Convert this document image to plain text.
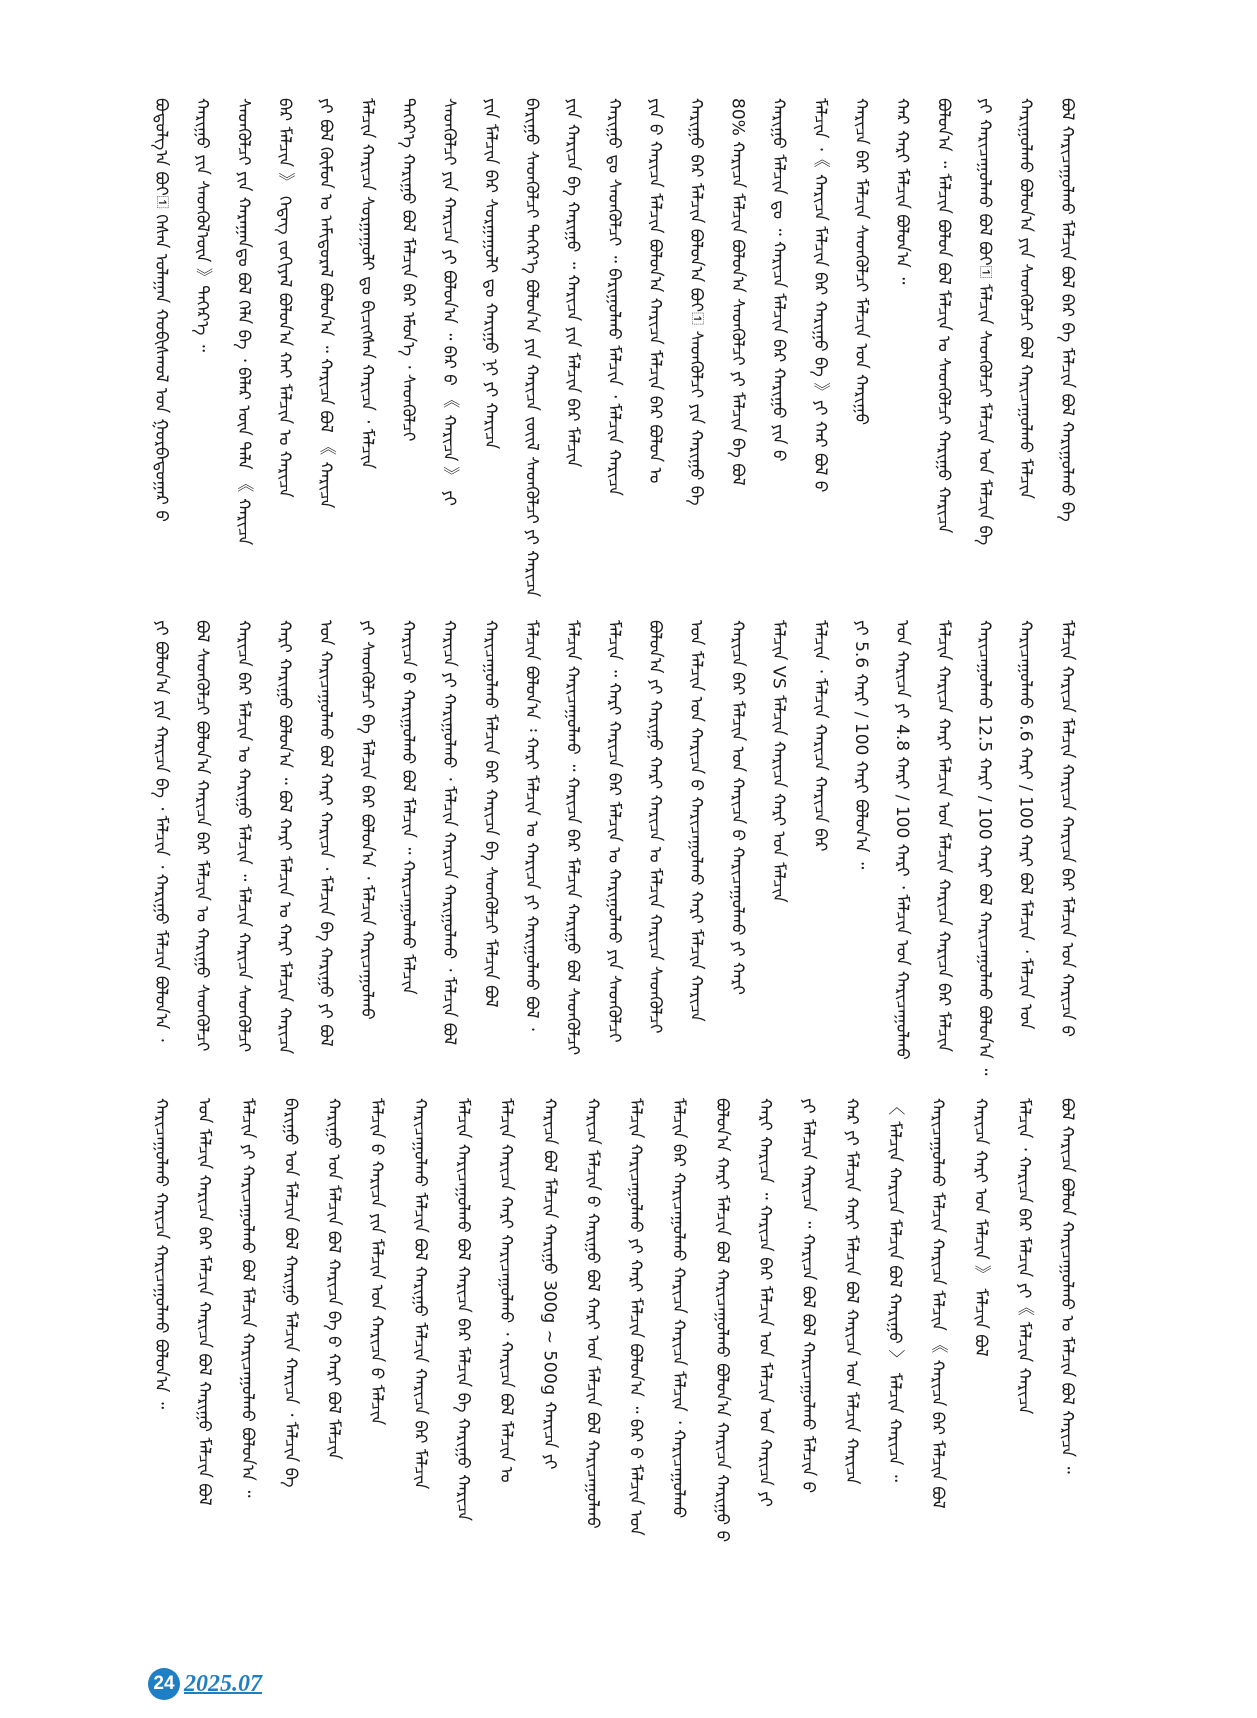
ᠪᠣᠳᠣᠯᠭ᠎ᠠ ᠪᠤᠶ᠋ ᠭᠡᠰᠡᠨ ᠤᠯᠠᠭᠠᠨ ᠬᠤᠪᠢᠰᠬᠤᠯ ᠤᠨ ᠭᠤᠷᠪᠠᠳᠤᠭᠠᠷ ᠪ ᠬᠠᠷᠢᠭᠤ ᠶᠢᠨ ᠰᠡᠳᠬᠦᠯ᠎ᠦᠨ 》ᠳᠡᠬᠡᠷ᠎ᠡ ᠃ ᠰᠡᠳᠬᠦᠯᠴᠢ ᠶᠢᠨ ᠬᠠᠷᠠᠭᠠᠨ᠎ᠳᠤ ᠪᠣᠯ ᠬᠡᠯᠡ ᠪᠠ ᠂ ᠪᠠᠯᠠᠷ ᠦᠨ ᠳᠡᠯᠡ 《 ᠬᠠᠷᠢᠴᠠ ᠪᠠᠷ ᠮᠠᠯᠴᠢᠨ 》 ᠭᠡᠳᠡᠭ ᠵᠣᠬᠢᠶᠠᠯ ᠪᠣᠯᠣᠨ᠎ᠠ ᠬᠠᠢ ᠮᠠᠯᠴᠢᠨ ᠤ ᠬᠠᠷᠢᠴᠠ ᠶᠢ ᠪᠣᠯ ᠬᠦᠮᠦᠨ ᠤ ᠠᠮᠢᠳᠤᠷᠠᠯ ᠪᠣᠯᠤᠨ᠎ᠠ ᠃ ᠬᠠᠷᠢᠴᠠ ᠪᠣᠯ 《 ᠬᠠᠷᠢᠴᠠ ᠮᠠᠯᠴᠢᠨ ᠬᠠᠷᠢᠴᠠ ᠰᠤᠷᠭᠠᠭᠤᠯᠢ ᠳᠤ ᠪᠢᠴᠢᠭᠰᠡᠨ ᠬᠠᠷᠢᠴᠠ ᠂ ᠮᠠᠯᠴᠢᠨ ᠳᠡᠭᠡᠷ᠎ᠡ ᠬᠠᠷᠢᠭᠤ ᠪᠣᠯ ᠮᠠᠯᠴᠢᠨ ᠪᠠᠷ ᠡᠮᠦᠨ᠎ᠡ ᠂ ᠰᠡᠳᠬᠦᠯᠴᠢ ᠰᠡᠳᠬᠦᠯᠴᠢ ᠶᠢᠨ ᠬᠠᠷᠢᠴᠠ ᠶᠢ ᠪᠣᠯᠤᠨ᠎ᠠ ᠃ ᠪᠠᠷ ᠪ 《 ᠬᠠᠷᠢᠴᠠ 》 ᠶᠢ ᠶᠢᠨ ᠮᠠᠯᠴᠢᠨ ᠪᠠᠷ ᠰᠤᠷᠭᠠᠭᠤᠯᠢ ᠳᠤ ᠬᠠᠷᠢᠭᠤ ᠨᠢ ᠶᠢ ᠬᠠᠷᠢᠴᠠ ᠪᠠᠷᠢᠭᠤ ᠰᠡᠳᠬᠦᠯᠴᠢ ᠳᠡᠭᠡᠷ᠎ᠡ ᠪᠣᠯᠤᠨ᠎ᠠ ᠶᠢᠨ ᠬᠠᠷᠢᠴᠠ ᠵᠦᠢᠯ ᠰᠡᠳᠬᠦᠯᠴᠢ ᠶᠢ ᠬᠠᠷᠢᠴᠠ ᠶᠢᠨ ᠬᠠᠷᠢᠴᠠ ᠪᠠ ᠬᠠᠷᠢᠭᠤ ᠃ ᠬᠠᠷᠢᠴᠠ ᠶᠢᠨ ᠮᠠᠯᠴᠢᠨ ᠪᠠᠷ ᠮᠠᠯᠴᠢᠨ ᠬᠠᠷᠢᠭᠤ ᠳᠤ ᠰᠡᠳᠬᠦᠯᠴᠢ ᠃ ᠪᠠᠷᠢᠭᠤᠯᠬᠤ ᠮᠠᠯᠴᠢᠨ ᠂ ᠮᠠᠯᠴᠢᠨ ᠬᠠᠷᠢᠴᠠ ᠶᠢᠨ ᠪ ᠬᠠᠷᠢᠴᠠ ᠮᠠᠯᠴᠢᠨ ᠪᠣᠯᠣᠨ᠎ᠠ ᠬᠠᠷᠢᠴᠠ ᠮᠠᠯᠴᠢᠨ ᠪᠠᠷ ᠪᠣᠯᠤᠨ ᠤ ᠬᠠᠷᠢᠭᠤ ᠪᠠᠷ ᠮᠠᠯᠴᠢᠨ ᠪᠣᠯᠤᠨ᠎ᠠ ᠪᠤᠶ᠋ ᠰᠡᠳᠬᠦᠯᠴᠢ ᠶᠢᠨ ᠬᠠᠷᠢᠭᠤ ᠪᠠ 80% ᠬᠠᠷᠢᠴᠠ ᠮᠠᠯᠴᠢᠨ ᠪᠣᠯᠣᠨ᠎ᠠ ᠰᠡᠳᠬᠦᠯᠴᠢ ᠶᠢ ᠮᠠᠯᠴᠢᠨ ᠪᠠ ᠪᠣᠯ ᠬᠠᠷᠢᠭᠤ ᠮᠠᠯᠴᠢᠨ ᠳᠤ ᠃ ᠬᠠᠷᠢᠴᠠ ᠮᠠᠯᠴᠢᠨ ᠪᠠᠷ ᠬᠠᠷᠢᠭᠤ ᠶᠢᠨ ᠪ ᠮᠠᠯᠴᠢᠨ ᠂《 ᠬᠠᠷᠢᠴᠠ ᠮᠠᠯᠴᠢᠨ ᠪᠠᠷ ᠬᠠᠷᠢᠭᠤ ᠪᠠ 》ᠶᠢ ᠬᠠᠷ ᠪᠣᠯ ᠪ ᠬᠠᠷᠢᠴᠠ ᠪᠠᠷ ᠮᠠᠯᠴᠢᠨ ᠰᠡᠳᠬᠦᠯᠴᠢ ᠮᠠᠯᠴᠢᠨ ᠤᠨ ᠬᠠᠷᠢᠭᠤ ᠬᠠᠷ ᠬᠠᠷᠢ ᠮᠠᠯᠴᠢᠨ ᠪᠣᠯᠤᠨ᠎ᠠ ᠃ ᠪᠣᠯᠤᠨ᠎ᠠ ᠃ ᠮᠠᠯᠴᠢᠨ ᠪᠣᠯᠤᠨ ᠪᠣᠯ ᠮᠠᠯᠴᠢᠨ ᠤ ᠰᠡᠳᠬᠦᠯᠴᠢ ᠬᠠᠷᠢᠭᠤ ᠬᠠᠷᠢᠴᠠ ᠶᠢ ᠬᠠᠷᠢᠴᠠᠭᠤᠯᠬᠤ ᠪᠣᠯ ᠪᠤᠶ᠋ ᠮᠠᠯᠴᠢᠨ ᠰᠡᠳᠬᠦᠯᠴᠢ ᠮᠠᠯᠴᠢᠨ ᠤᠨ ᠮᠠᠯᠴᠢᠨ ᠪᠠ ᠬᠠᠷᠢᠭᠤᠯᠬᠤ ᠪᠣᠯᠤᠨ᠎ᠠ ᠶᠢᠨ ᠰᠡᠳᠬᠦᠯᠴᠢ ᠪᠣᠯ ᠬᠠᠷᠢᠴᠠᠭᠤᠯᠬᠤ ᠮᠠᠯᠴᠢᠨ ᠪᠣᠯ ᠬᠠᠷᠢᠴᠠᠭᠤᠯᠬᠤ ᠮᠠᠯᠴᠢᠨ ᠪᠣᠯ ᠪᠠᠷ ᠪᠠ ᠮᠠᠯᠴᠢᠨ ᠪᠣᠯ ᠬᠠᠷᠢᠭᠤᠯᠬᠤ ᠪᠠ
ᠶᠢ ᠪᠣᠯᠤᠨ᠎ᠠ ᠶᠢᠨ ᠬᠠᠷᠢᠴᠠ ᠪᠠ ᠂ ᠮᠠᠯᠴᠢᠨ ᠂ ᠬᠠᠷᠢᠭᠤ ᠮᠠᠯᠴᠢᠨ ᠪᠣᠯᠣᠨ᠎ᠠ ᠂ ᠪᠣᠯ ᠰᠡᠳᠬᠦᠯᠴᠢ ᠪᠣᠯᠤᠨ᠎ᠠ ᠬᠠᠷᠢᠴᠠ ᠪᠠᠷ ᠮᠠᠯᠴᠢᠨ ᠤ ᠬᠠᠷᠢᠭᠤ ᠰᠡᠳᠬᠦᠯᠴᠢ ᠬᠠᠷᠢᠴᠠ ᠪᠠᠷ ᠮᠠᠯᠴᠢᠨ ᠤ ᠬᠠᠷᠢᠭᠤ ᠮᠠᠯᠴᠢᠨ ᠃ ᠮᠠᠯᠴᠢᠨ ᠬᠠᠷᠢᠴᠠ ᠰᠡᠳᠬᠦᠯᠴᠢ ᠬᠠᠷᠢ ᠬᠠᠷᠢᠭᠤ ᠪᠣᠯᠣᠨ᠎ᠠ ᠃ ᠪᠣᠯ ᠬᠠᠷᠢ ᠮᠠᠯᠴᠢᠨ ᠤ ᠬᠠᠷᠢ ᠮᠠᠯᠴᠢᠨ ᠬᠠᠷᠢᠴᠠ ᠤᠨ ᠬᠠᠷᠢᠴᠠᠭᠤᠯᠬᠤ ᠪᠣᠯ ᠬᠠᠷᠢ ᠬᠠᠷᠢᠴᠠ ᠂ ᠮᠠᠯᠴᠢᠨ ᠪᠠ ᠬᠠᠷᠢᠭᠤ ᠶᠢ ᠪᠣᠯ ᠶᠢ ᠰᠡᠳᠬᠦᠯᠴᠢ ᠪᠠ ᠮᠠᠯᠴᠢᠨ ᠪᠠᠷ ᠪᠣᠯᠣᠨ᠎ᠠ ᠂ ᠮᠠᠯᠴᠢᠨ ᠬᠠᠷᠢᠴᠠᠭᠤᠯᠬᠤ ᠬᠠᠷᠢᠴᠠ ᠪ ᠬᠠᠷᠢᠭᠤᠯᠬᠤ ᠪᠣᠯ ᠮᠠᠯᠴᠢᠨ ᠃ ᠬᠠᠷᠢᠴᠠᠭᠤᠯᠬᠤ ᠮᠠᠯᠴᠢᠨ ᠬᠠᠷᠢᠴᠠ ᠶᠢ ᠬᠠᠷᠢᠭᠤᠯᠬᠤ ᠂ ᠮᠠᠯᠴᠢᠨ ᠬᠠᠷᠢᠴᠠ ᠬᠠᠷᠢᠭᠤᠯᠬᠤ ᠂ ᠮᠠᠯᠴᠢᠨ ᠪᠣᠯ ᠬᠠᠷᠢᠴᠠᠭᠤᠯᠬᠤ ᠮᠠᠯᠴᠢᠨ ᠪᠠᠷ ᠬᠠᠷᠢᠴᠠ ᠪᠠ ᠰᠡᠳᠬᠦᠯᠴᠢ ᠮᠠᠯᠴᠢᠨ ᠪᠣᠯ ᠮᠠᠯᠴᠢᠨ ᠪᠣᠯᠣᠨ᠎ᠠ ᠄ ᠬᠠᠷᠢ ᠮᠠᠯᠴᠢᠨ ᠤ ᠬᠠᠷᠢᠴᠠ ᠶᠢ ᠬᠠᠷᠢᠭᠤᠯᠬᠤ ᠪᠣᠯ ᠂ ᠮᠠᠯᠴᠢᠨ ᠬᠠᠷᠢᠴᠠᠭᠤᠯᠬᠤ ᠃ ᠬᠠᠷᠢᠴᠠ ᠪᠠᠷ ᠮᠠᠯᠴᠢᠨ ᠬᠠᠷᠢᠭᠤ ᠪᠣᠯ ᠰᠡᠳᠬᠦᠯᠴᠢ ᠮᠠᠯᠴᠢᠨ ᠃ ᠬᠠᠷᠢ ᠬᠠᠷᠢᠴᠠ ᠪᠠᠷ ᠮᠠᠯᠴᠢᠨ ᠤ ᠬᠠᠷᠢᠭᠤᠯᠬᠤ ᠶᠢᠨ ᠰᠡᠳᠬᠦᠯᠴᠢ ᠪᠣᠯᠣᠨ᠎ᠠ ᠶᠢ ᠬᠠᠷᠢᠭᠤ ᠬᠠᠷᠢ ᠬᠠᠷᠢᠴᠠ ᠤ ᠮᠠᠯᠴᠢᠨ ᠬᠠᠷᠢᠴᠠ ᠰᠡᠳᠬᠦᠯᠴᠢ ᠤᠨ ᠮᠠᠯᠴᠢᠨ ᠤᠨ ᠬᠠᠷᠢᠴᠠ ᠪ ᠬᠠᠷᠢᠴᠠᠭᠤᠯᠬᠤ ᠬᠠᠷᠢ ᠮᠠᠯᠴᠢᠨ ᠬᠠᠷᠢᠴᠠ ᠬᠠᠷᠢᠴᠠ ᠪᠠᠷ ᠮᠠᠯᠴᠢᠨ ᠤᠨ ᠬᠠᠷᠢᠴᠠ ᠪ ᠬᠠᠷᠢᠴᠠᠭᠤᠯᠬᠤ ᠶᠢ ᠬᠠᠷᠢ ᠮᠠᠯᠴᠢᠨ VS ᠮᠠᠯᠴᠢᠨ ᠬᠠᠷᠢᠴᠠ ᠬᠠᠷᠢ ᠤᠨ ᠮᠠᠯᠴᠢᠨ ᠮᠠᠯᠴᠢᠨ ᠂ ᠮᠠᠯᠴᠢᠨ ᠬᠠᠷᠢᠴᠠ ᠬᠠᠷᠢᠴᠠ ᠪᠠᠷ ᠶᠢ 5.6 ᠬᠠᠷᠢ / 100 ᠬᠠᠷᠢ ᠪᠣᠯᠣᠨ᠎ᠠ ᠃ ᠤᠨ ᠬᠠᠷᠢᠴᠠ ᠶᠢ 4.8 ᠬᠠᠷᠢ / 100 ᠬᠠᠷᠢ ᠂ ᠮᠠᠯᠴᠢᠨ ᠤᠨ ᠬᠠᠷᠢᠴᠠᠭᠤᠯᠬᠤ ᠮᠠᠯᠴᠢᠨ ᠬᠠᠷᠢᠴᠠ ᠬᠠᠷᠢ ᠮᠠᠯᠴᠢᠨ ᠤᠨ ᠮᠠᠯᠴᠢᠨ ᠬᠠᠷᠢᠴᠠ ᠬᠠᠷᠢᠴᠠ ᠪᠠᠷ ᠮᠠᠯᠴᠢᠨ ᠬᠠᠷᠢᠴᠠᠭᠤᠯᠬᠤ 12.5 ᠬᠠᠷᠢ / 100 ᠬᠠᠷᠢ ᠪᠣᠯ ᠬᠠᠷᠢᠴᠠᠭᠤᠯᠬᠤ ᠪᠣᠯᠣᠨ᠎ᠠ ᠃ ᠬᠠᠷᠢᠴᠠᠭᠤᠯᠬᠤ 6.6 ᠬᠠᠷᠢ / 100 ᠬᠠᠷᠢ ᠪᠣᠯ ᠮᠠᠯᠴᠢᠨ ᠂ ᠮᠠᠯᠴᠢᠨ ᠤᠨ ᠮᠠᠯᠴᠢᠨ ᠬᠠᠷᠢᠴᠠ ᠮᠠᠯᠴᠢᠨ ᠬᠠᠷᠢᠴᠠ ᠬᠠᠷᠢᠴᠠ ᠪᠠᠷ ᠮᠠᠯᠴᠢᠨ ᠤᠨ ᠬᠠᠷᠢᠴᠠ ᠪ
ᠬᠠᠷᠢᠴᠠᠭᠤᠯᠬᠤ ᠬᠠᠷᠢᠴᠠ ᠬᠠᠷᠢᠴᠠᠭᠤᠯᠬᠤ ᠪᠣᠯᠣᠨ᠎ᠠ ᠃ ᠤᠨ ᠮᠠᠯᠴᠢᠨ ᠬᠠᠷᠢᠴᠠ ᠪᠠᠷ ᠮᠠᠯᠴᠢᠨ ᠬᠠᠷᠢᠴᠠ ᠪᠣᠯ ᠬᠠᠷᠢᠭᠤ ᠮᠠᠯᠴᠢᠨ ᠪᠣᠯ ᠮᠠᠯᠴᠢᠨ ᠶᠢ ᠬᠠᠷᠢᠴᠠᠭᠤᠯᠬᠤ ᠪᠣᠯ ᠮᠠᠯᠴᠢᠨ ᠬᠠᠷᠢᠴᠠᠭᠤᠯᠬᠤ ᠪᠣᠯᠣᠨ᠎ᠠ ᠃ ᠪᠠᠷᠢᠭᠤ ᠤᠨ ᠮᠠᠯᠴᠢᠨ ᠪᠣᠯ ᠬᠠᠷᠢᠭᠤ ᠮᠠᠯᠴᠢᠨ ᠬᠠᠷᠢᠴᠠ ᠂ ᠮᠠᠯᠴᠢᠨ ᠪᠠ ᠬᠠᠷᠢᠭᠤ ᠤᠨ ᠮᠠᠯᠴᠢᠨ ᠪᠣᠯ ᠬᠠᠷᠢᠴᠠ ᠪᠠ ᠪ ᠬᠠᠷᠢ ᠪᠣᠯ ᠮᠠᠯᠴᠢᠨ ᠮᠠᠯᠴᠢᠨ ᠪ ᠬᠠᠷᠢᠴᠠ ᠶᠢᠨ ᠮᠠᠯᠴᠢᠨ ᠤᠨ ᠬᠠᠷᠢᠴᠠ ᠪ ᠮᠠᠯᠴᠢᠨ ᠬᠠᠷᠢᠴᠠᠭᠤᠯᠬᠤ ᠮᠠᠯᠴᠢᠨ ᠪᠣᠯ ᠬᠠᠷᠢᠭᠤ ᠮᠠᠯᠴᠢᠨ ᠬᠠᠷᠢᠴᠠ ᠪᠠᠷ ᠮᠠᠯᠴᠢᠨ ᠮᠠᠯᠴᠢᠨ ᠬᠠᠷᠢᠴᠠᠭᠤᠯᠬᠤ ᠪᠣᠯ ᠬᠠᠷᠢᠴᠠ ᠪᠠᠷ ᠮᠠᠯᠴᠢᠨ ᠪᠠ ᠬᠠᠷᠢᠭᠤ ᠬᠠᠷᠢᠴᠠ ᠮᠠᠯᠴᠢᠨ ᠬᠠᠷᠢᠴᠠ ᠬᠠᠷᠢ ᠬᠠᠷᠢᠴᠠᠭᠤᠯᠬᠤ ᠂ ᠬᠠᠷᠢᠴᠠ ᠪᠣᠯ ᠮᠠᠯᠴᠢᠨ ᠤ ᠬᠠᠷᠢᠴᠠ ᠪᠣᠯ ᠮᠠᠯᠴᠢᠨ ᠬᠠᠷᠢᠭᠤ 300g ~ 500g ᠬᠠᠷᠢᠴᠠ ᠶᠢ ᠬᠠᠷᠢᠴᠠ ᠮᠠᠯᠴᠢᠨ ᠪ ᠬᠠᠷᠢᠭᠤ ᠪᠣᠯ ᠬᠠᠷᠢ ᠤᠨ ᠮᠠᠯᠴᠢᠨ ᠪᠣᠯ ᠬᠠᠷᠢᠴᠠᠭᠤᠯᠬᠤ ᠮᠠᠯᠴᠢᠨ ᠬᠠᠷᠢᠴᠠᠭᠤᠯᠬᠤ ᠶᠢ ᠬᠠᠷᠢ ᠮᠠᠯᠴᠢᠨ ᠪᠣᠯᠣᠨ᠎ᠠ ᠃ ᠪᠠᠷ ᠪ ᠮᠠᠯᠴᠢᠨ ᠤᠨ ᠮᠠᠯᠴᠢᠨ ᠪᠠᠷ ᠬᠠᠷᠢᠴᠠᠭᠤᠯᠬᠤ ᠬᠠᠷᠢᠴᠠ ᠬᠠᠷᠢᠴᠠ ᠮᠠᠯᠴᠢᠨ ᠂ ᠬᠠᠷᠢᠴᠠᠭᠤᠯᠬᠤ ᠪᠣᠯᠣᠨ᠎ᠠ ᠬᠠᠷᠢ ᠮᠠᠯᠴᠢᠨ ᠪᠣᠯ ᠬᠠᠷᠢᠴᠠᠭᠤᠯᠬᠤ ᠪᠣᠯᠣᠨ᠎ᠠ ᠬᠠᠷᠢᠴᠠ ᠬᠠᠷᠢᠭᠤ ᠪ ᠬᠠᠷᠢ ᠬᠠᠷᠢᠴᠠ ᠃ ᠬᠠᠷᠢᠴᠠ ᠪᠠᠷ ᠮᠠᠯᠴᠢᠨ ᠤᠨ ᠮᠠᠯᠴᠢᠨ ᠤᠨ ᠬᠠᠷᠢᠴᠠ ᠶᠢ ᠶᠢ ᠮᠠᠯᠴᠢᠨ ᠬᠠᠷᠢᠴᠠ ᠃ ᠬᠠᠷᠢᠴᠠ ᠪᠣᠯ ᠪᠣᠯ ᠬᠠᠷᠢᠴᠠᠭᠤᠯᠬᠤ ᠮᠠᠯᠴᠢᠨ ᠪ ᠬᠠᠷ ᠶᠢ ᠮᠠᠯᠴᠢᠨ ᠬᠠᠷᠢ ᠮᠠᠯᠴᠢᠨ ᠪᠣᠯ ᠬᠠᠷᠢᠴᠠ ᠤᠨ ᠮᠠᠯᠴᠢᠨ ᠬᠠᠷᠢᠴᠠ 〈 ᠮᠠᠯᠴᠢᠨ ᠬᠠᠷᠢᠴᠠ ᠮᠠᠯᠴᠢᠨ ᠪᠣᠯ ᠬᠠᠷᠢᠭᠤ 〉 ᠮᠠᠯᠴᠢᠨ ᠬᠠᠷᠢᠴᠠ ᠃ ᠬᠠᠷᠢᠴᠠᠭᠤᠯᠬᠤ ᠮᠠᠯᠴᠢᠨ ᠬᠠᠷᠢᠴᠠ ᠮᠠᠯᠴᠢᠨ 《 ᠬᠠᠷᠢᠴᠠ ᠪᠠᠷ ᠮᠠᠯᠴᠢᠨ ᠪᠣᠯ ᠬᠠᠷᠢᠴᠠ ᠬᠠᠷᠢ ᠤᠨ ᠮᠠᠯᠴᠢᠨ 》 ᠮᠠᠯᠴᠢᠨ ᠪᠣᠯ ᠮᠠᠯᠴᠢᠨ ᠂ ᠬᠠᠷᠢᠴᠠ ᠪᠠᠷ ᠮᠠᠯᠴᠢᠨ ᠶᠢ《 ᠮᠠᠯᠴᠢᠨ ᠬᠠᠷᠢᠴᠠ ᠪᠣᠯ ᠬᠠᠷᠢᠴᠠ ᠪᠣᠯᠣᠨ ᠬᠠᠷᠢᠴᠠᠭᠤᠯᠬᠤ ᠤ ᠮᠠᠯᠴᠢᠨ ᠪᠣᠯ ᠬᠠᠷᠢᠴᠠ ᠃
24 2025.07
